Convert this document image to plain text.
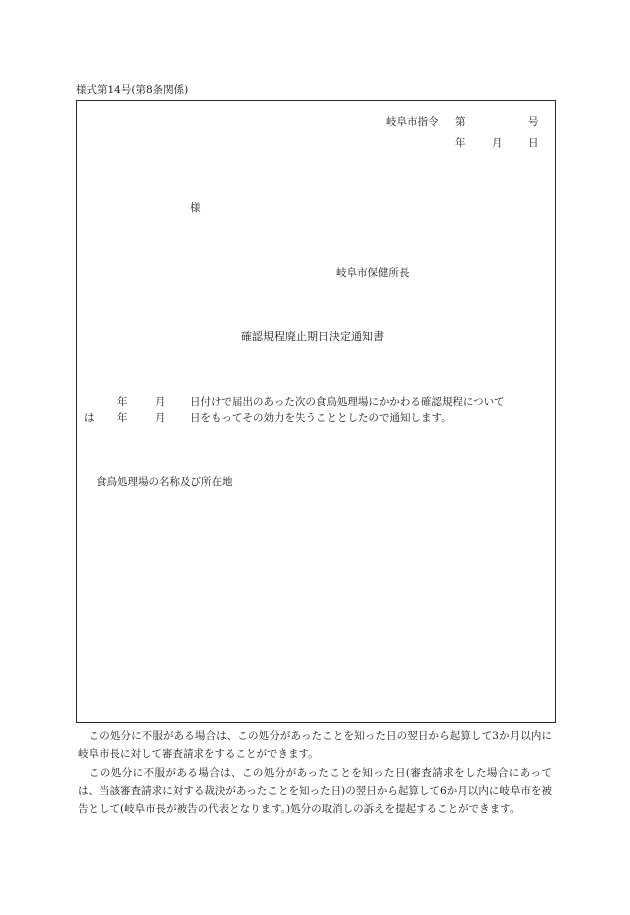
様式第14号(第8条関係)
岐阜市指令 第	号
年	月 日
様
岐阜市保健所長
確認規程廃止期日決定通知書
年	月 日付けで届出のあった次の食鳥処理場にかかわる確認規程について
は 年	月 日をもってその効力を失うこととしたので通知します。
食鳥処理場の名称及び所在地
　この処分に不服がある場合は、この処分があったことを知った日の翌日から起算して3か月以内に岐阜市長に対して審査請求をすることができます。
　この処分に不服がある場合は、この処分があったことを知った日(審査請求をした場合にあっては、当該審査請求に対する裁決があったことを知った日)の翌日から起算して6か月以内に岐阜市を被告として(岐阜市長が被告の代表となります。)処分の取消しの訴えを提起することができます。
